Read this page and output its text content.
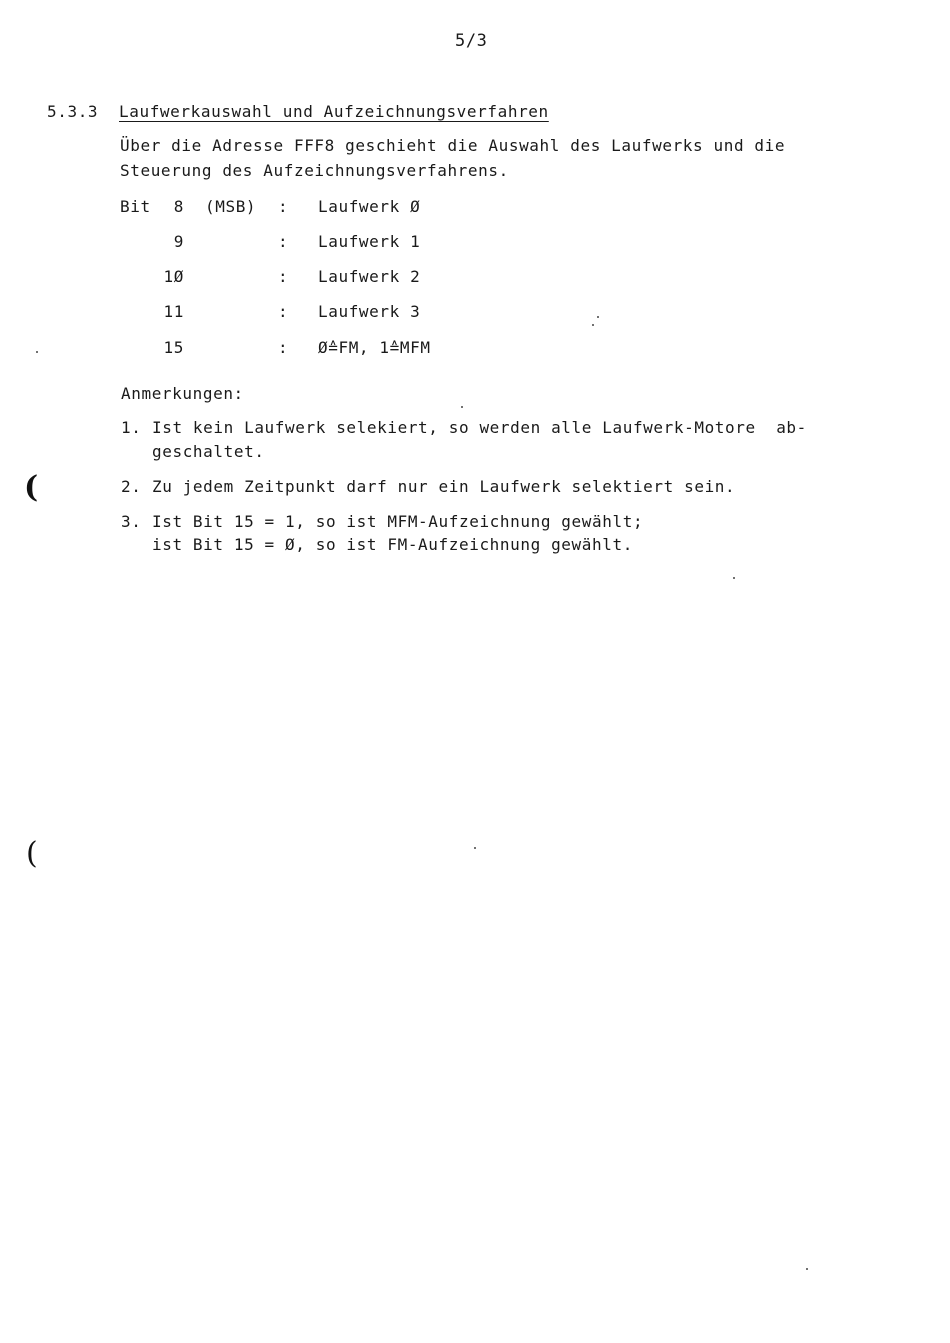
5/3
5.3.3 Laufwerkauswahl und Aufzeichnungsverfahren
Über die Adresse FFF8 geschieht die Auswahl des Laufwerks und die
Steuerung des Aufzeichnungsverfahrens.
Bit	8 (MSB) : Laufwerk Ø
9	: Laufwerk 1
1Ø	: Laufwerk 2
11	: Laufwerk 3
15	: Ø≙FM, 1≙MFM
Anmerkungen:
1. Ist kein Laufwerk selekiert, so werden alle Laufwerk-Motore  ab-
geschaltet.
2. Zu jedem Zeitpunkt darf nur ein Laufwerk selektiert sein.
3. Ist Bit 15 = 1, so ist MFM-Aufzeichnung gewählt;
ist Bit 15 = Ø, so ist FM-Aufzeichnung gewählt.
(
(
